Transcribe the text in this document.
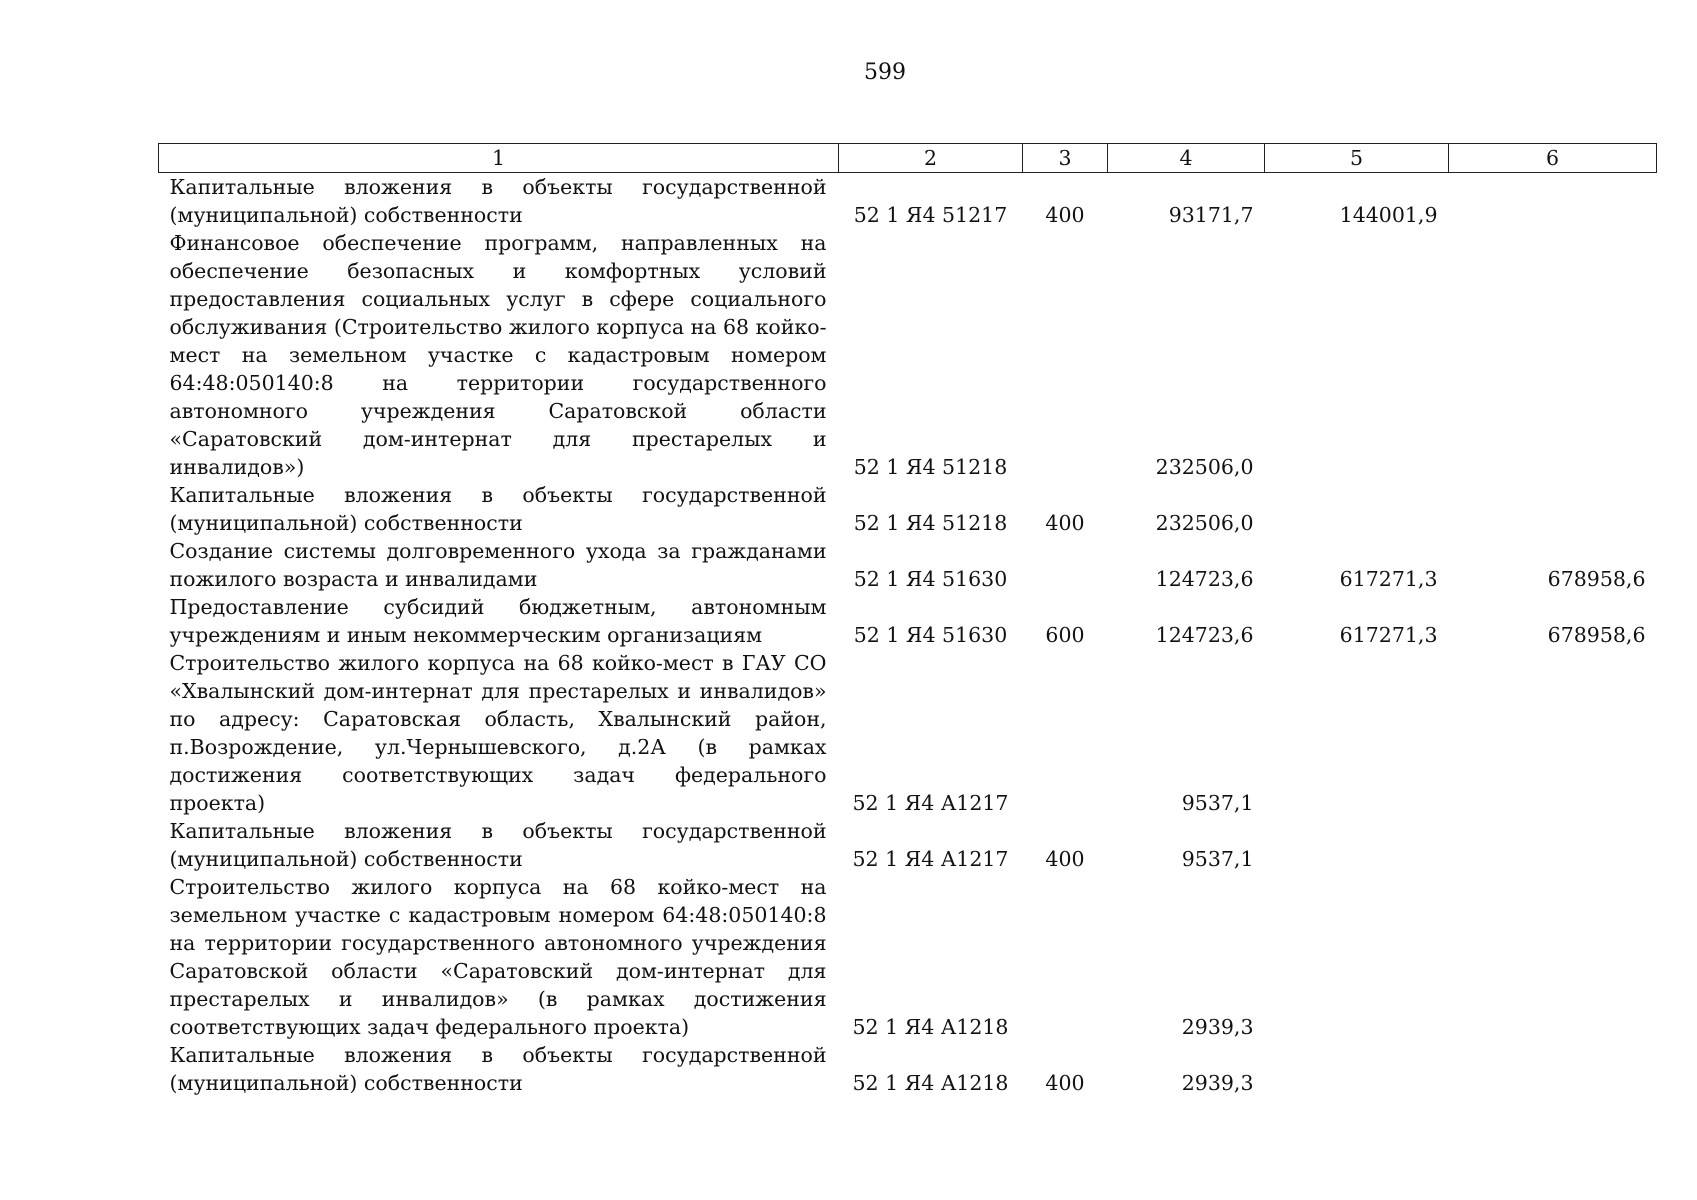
599
1	2	3	4	5	6
Капитальные вложения в объекты государственной (муниципальной) собственности	52 1 Я4 51217	400	93171,7	144001,9	
Финансовое обеспечение программ, направленных на обеспечение безопасных и комфортных условий предоставления социальных услуг в сфере социального обслуживания (Строительство жилого корпуса на 68 койко-мест на земельном участке с кадастровым номером 64:48:050140:8 на территории государственного автономного учреждения Саратовской области «Саратовский дом-интернат для престарелых и инвалидов»)	52 1 Я4 51218		232506,0		
Капитальные вложения в объекты государственной (муниципальной) собственности	52 1 Я4 51218	400	232506,0		
Создание системы долговременного ухода за гражданами пожилого возраста и инвалидами	52 1 Я4 51630		124723,6	617271,3	678958,6
Предоставление субсидий бюджетным, автономным учреждениям и иным некоммерческим организациям	52 1 Я4 51630	600	124723,6	617271,3	678958,6
Строительство жилого корпуса на 68 койко-мест в ГАУ СО «Хвалынский дом-интернат для престарелых и инвалидов» по адресу: Саратовская область, Хвалынский район, п.Возрождение, ул.Чернышевского, д.2А (в рамках достижения соответствующих задач федерального проекта)	52 1 Я4 А1217		9537,1		
Капитальные вложения в объекты государственной (муниципальной) собственности	52 1 Я4 А1217	400	9537,1		
Строительство жилого корпуса на 68 койко-мест на земельном участке с кадастровым номером 64:48:050140:8 на территории государственного автономного учреждения Саратовской области «Саратовский дом-интернат для престарелых и инвалидов» (в рамках достижения соответствующих задач федерального проекта)	52 1 Я4 А1218		2939,3		
Капитальные вложения в объекты государственной (муниципальной) собственности	52 1 Я4 А1218	400	2939,3		
